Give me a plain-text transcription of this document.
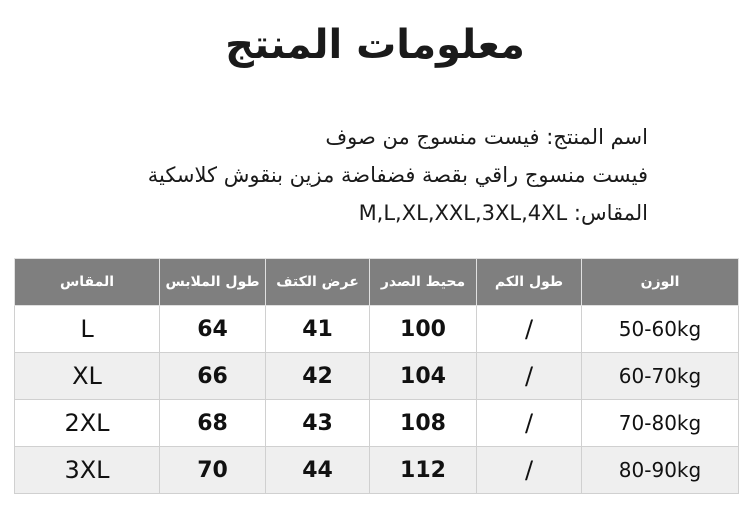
معلومات المنتج
اسم المنتج: فيست منسوج من صوف
فيست منسوج راقي بقصة فضفاضة مزين بنقوش كلاسكية
المقاس: M,L,XL,XXL,3XL,4XL
المقاس	طول الملابس	عرض الكتف	محيط الصدر	طول الكم	الوزن
L	64	41	100	/	50-60kg
XL	66	42	104	/	60-70kg
2XL	68	43	108	/	70-80kg
3XL	70	44	112	/	80-90kg
